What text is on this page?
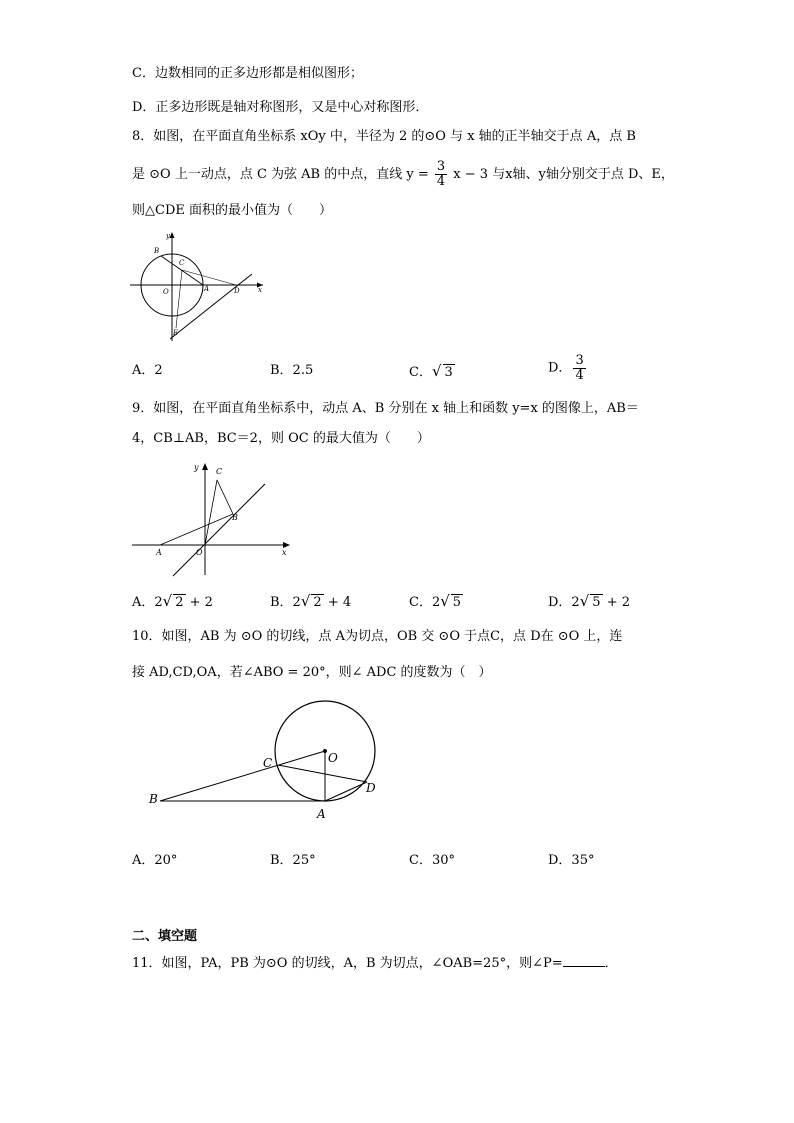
C．边数相同的正多边形都是相似图形；
D．正多边形既是轴对称图形，又是中心对称图形．
8．如图，在平面直角坐标系 xOy 中，半径为 2 的⊙O 与 x 轴的正半轴交于点 A，点 B
是 ⊙O 上一动点，点 C 为弦 AB 的中点，直线 $y = \frac{3}{4}$ x − 3 与x轴、y轴分别交于点 D、E，
则△CDE 面积的最小值为（　　）
y
B
C
O	A	D	x
E
A．2	B．2.5	C．√ 3	D． $\frac{3}{4}$
9．如图，在平面直角坐标系中，动点 A、B 分别在 x 轴上和函数 y=x 的图像上，AB＝
4，CB⊥AB，BC＝2，则 OC 的最大值为（　　）
y C
B
A	O	x
A．2√ 2 + 2	B．2√ 2 + 4	C．2√ 5	D．2√ 5 + 2
10．如图，AB 为 ⊙O 的切线，点 A为切点，OB 交 ⊙O 于点C，点 D在 ⊙O 上，连
接 AD,CD,OA，若∠ABO = 20°，则∠ ADC 的度数为（　）
O
C
D
B
A
A．20°	B．25°	C．30°	D．35°
二、填空题
11．如图，PA，PB 为⊙O 的切线，A，B 为切点，∠OAB=25°，则∠P=	．
